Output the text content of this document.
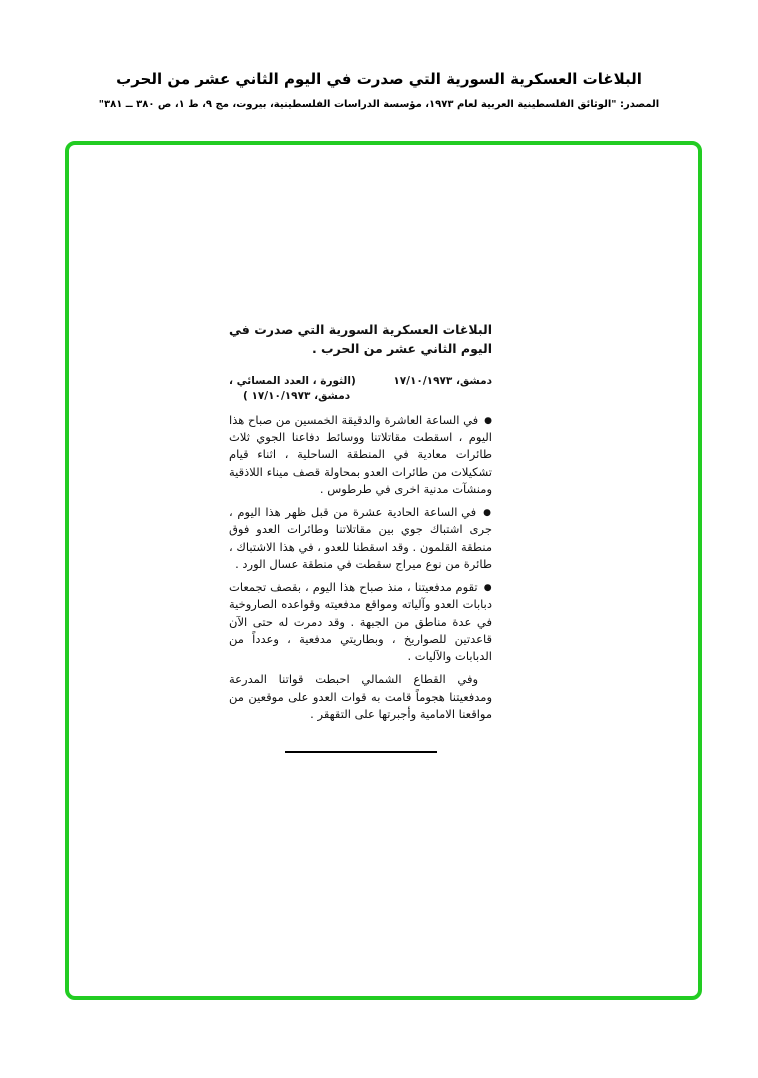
البلاغات العسكرية السورية التي صدرت في اليوم الثاني عشر من الحرب
المصدر: "الوثائق الفلسطينية العربية لعام ١٩٧٣، مؤسسة الدراسات الفلسطينية، بيروت، مج ٩، ط ١، ص ٣٨٠ ــ ٣٨١"
البلاغات العسكرية السورية التي صدرت في اليوم الثاني عشر من الحرب .
دمشق، ١٧/١٠/١٩٧٣
(الثورة ، العدد المسائي ،
دمشق، ١٧/١٠/١٩٧٣ )

● في الساعة العاشرة والدقيقة الخمسين من صباح هذا اليوم ، اسقطت مقاتلاتنا ووسائط دفاعنا الجوي ثلاث طائرات معادية في المنطقة الساحلية ، اثناء قيام تشكيلات من طائرات العدو بمحاولة قصف ميناء اللاذقية ومنشآت مدنية اخرى في طرطوس .

● في الساعة الحادية عشرة من قبل ظهر هذا اليوم ، جرى اشتباك جوي بين مقاتلاتنا وطائرات العدو فوق منطقة القلمون . وقد اسقطنا للعدو ، في هذا الاشتباك ، طائرة من نوع ميراج سقطت في منطقة عسال الورد .

● تقوم مدفعيتنا ، منذ صباح هذا اليوم ، بقصف تجمعات دبابات العدو وآلياته ومواقع مدفعيته وقواعده الصاروخية في عدة مناطق من الجبهة . وقد دمرت له حتى الآن قاعدتين للصواريخ ، وبطاريتي مدفعية ، وعدداً من الدبابات والآليات .

وفي القطاع الشمالي احبطت قواتنا المدرعة ومدفعيتنا هجوماً قامت به قوات العدو على موقعين من مواقعنا الامامية وأجبرتها على التقهقر .
